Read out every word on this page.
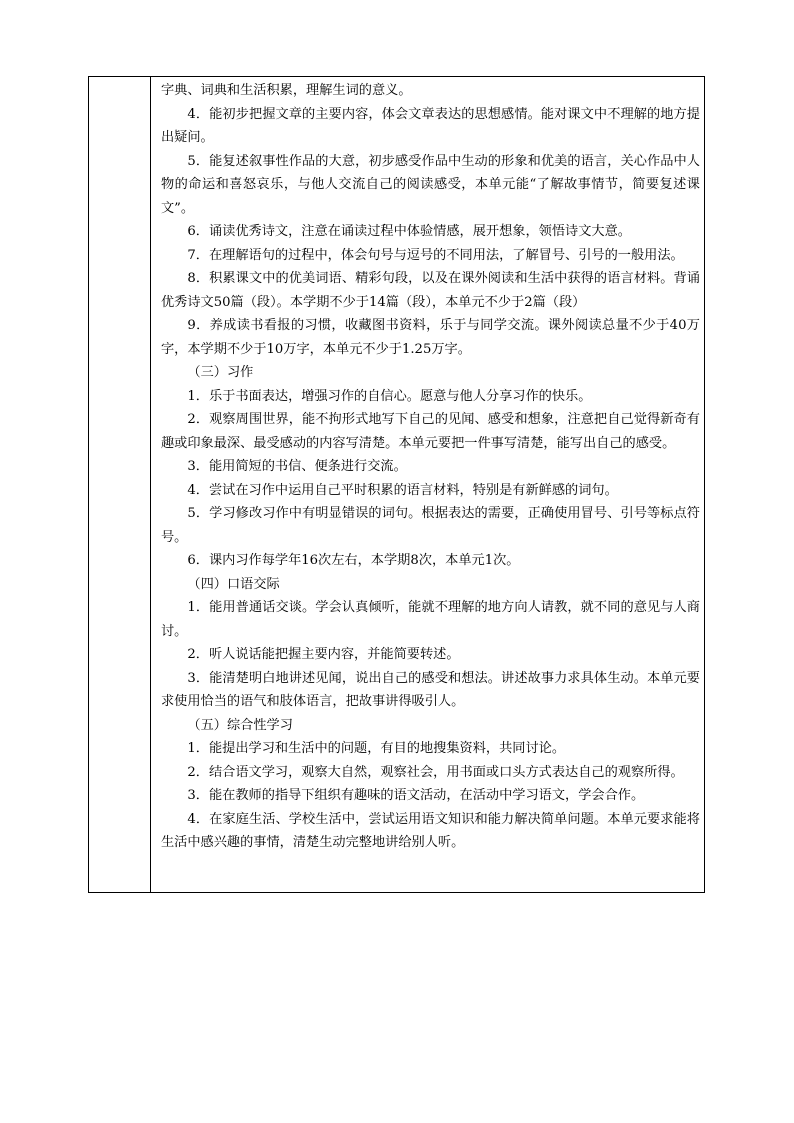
字典、词典和生活积累，理解生词的意义。

4．能初步把握文章的主要内容，体会文章表达的思想感情。能对课文中不理解的地方提出疑问。

5．能复述叙事性作品的大意，初步感受作品中生动的形象和优美的语言，关心作品中人物的命运和喜怒哀乐，与他人交流自己的阅读感受，本单元能“了解故事情节，简要复述课文”。

6．诵读优秀诗文，注意在诵读过程中体验情感，展开想象，领悟诗文大意。

7．在理解语句的过程中，体会句号与逗号的不同用法，了解冒号、引号的一般用法。

8．积累课文中的优美词语、精彩句段，以及在课外阅读和生活中获得的语言材料。背诵优秀诗文50篇（段）。本学期不少于14篇（段），本单元不少于2篇（段）

9．养成读书看报的习惯，收藏图书资料，乐于与同学交流。课外阅读总量不少于40万字，本学期不少于10万字，本单元不少于1.25万字。

（三）习作

1．乐于书面表达，增强习作的自信心。愿意与他人分享习作的快乐。

2．观察周围世界，能不拘形式地写下自己的见闻、感受和想象，注意把自己觉得新奇有趣或印象最深、最受感动的内容写清楚。本单元要把一件事写清楚，能写出自己的感受。

3．能用简短的书信、便条进行交流。

4．尝试在习作中运用自己平时积累的语言材料，特别是有新鲜感的词句。

5．学习修改习作中有明显错误的词句。根据表达的需要，正确使用冒号、引号等标点符号。

6．课内习作每学年16次左右，本学期8次，本单元1次。

（四）口语交际

1．能用普通话交谈。学会认真倾听，能就不理解的地方向人请教，就不同的意见与人商讨。

2．听人说话能把握主要内容，并能简要转述。

3．能清楚明白地讲述见闻，说出自己的感受和想法。讲述故事力求具体生动。本单元要求使用恰当的语气和肢体语言，把故事讲得吸引人。

（五）综合性学习

1．能提出学习和生活中的问题，有目的地搜集资料，共同讨论。

2．结合语文学习，观察大自然，观察社会，用书面或口头方式表达自己的观察所得。

3．能在教师的指导下组织有趣味的语文活动，在活动中学习语文，学会合作。

4．在家庭生活、学校生活中，尝试运用语文知识和能力解决简单问题。本单元要求能将生活中感兴趣的事情，清楚生动完整地讲给别人听。
